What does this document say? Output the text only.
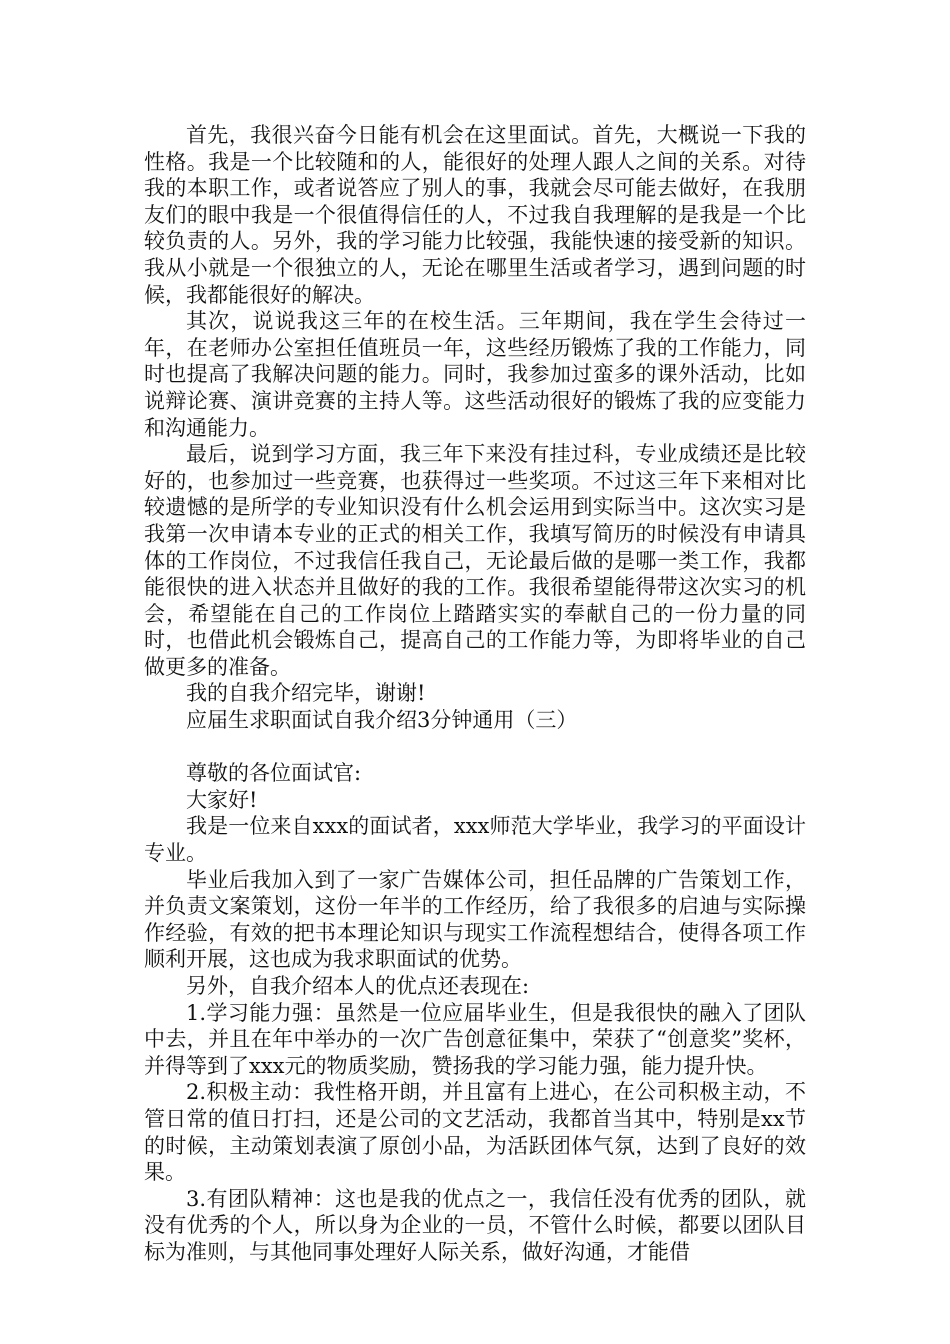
首先，我很兴奋今日能有机会在这里面试。首先，大概说一下我的性格。我是一个比较随和的人，能很好的处理人跟人之间的关系。对待我的本职工作，或者说答应了别人的事，我就会尽可能去做好，在我朋友们的眼中我是一个很值得信任的人，不过我自我理解的是我是一个比较负责的人。另外，我的学习能力比较强，我能快速的接受新的知识。我从小就是一个很独立的人，无论在哪里生活或者学习，遇到问题的时候，我都能很好的解决。

其次，说说我这三年的在校生活。三年期间，我在学生会待过一年，在老师办公室担任值班员一年，这些经历锻炼了我的工作能力，同时也提高了我解决问题的能力。同时，我参加过蛮多的课外活动，比如说辩论赛、演讲竞赛的主持人等。这些活动很好的锻炼了我的应变能力和沟通能力。

最后，说到学习方面，我三年下来没有挂过科，专业成绩还是比较好的，也参加过一些竞赛，也获得过一些奖项。不过这三年下来相对比较遗憾的是所学的专业知识没有什么机会运用到实际当中。这次实习是我第一次申请本专业的正式的相关工作，我填写简历的时候没有申请具体的工作岗位，不过我信任我自己，无论最后做的是哪一类工作，我都能很快的进入状态并且做好的我的工作。我很希望能得带这次实习的机会，希望能在自己的工作岗位上踏踏实实的奉献自己的一份力量的同时，也借此机会锻炼自己，提高自己的工作能力等，为即将毕业的自己做更多的准备。

我的自我介绍完毕，谢谢!

应届生求职面试自我介绍3分钟通用（三）

尊敬的各位面试官:

大家好!

我是一位来自xxx的面试者，xxx师范大学毕业，我学习的平面设计专业。

毕业后我加入到了一家广告媒体公司，担任品牌的广告策划工作，并负责文案策划，这份一年半的工作经历，给了我很多的启迪与实际操作经验，有效的把书本理论知识与现实工作流程想结合，使得各项工作顺利开展，这也成为我求职面试的优势。

另外，自我介绍本人的优点还表现在:

1.学习能力强：虽然是一位应届毕业生，但是我很快的融入了团队中去，并且在年中举办的一次广告创意征集中，荣获了“创意奖”奖杯，并得等到了xxx元的物质奖励，赞扬我的学习能力强，能力提升快。

2.积极主动：我性格开朗，并且富有上进心，在公司积极主动，不管日常的值日打扫，还是公司的文艺活动，我都首当其中，特别是xx节的时候，主动策划表演了原创小品，为活跃团体气氛，达到了良好的效果。

3.有团队精神：这也是我的优点之一，我信任没有优秀的团队，就没有优秀的个人，所以身为企业的一员，不管什么时候，都要以团队目标为准则，与其他同事处理好人际关系，做好沟通，才能借
